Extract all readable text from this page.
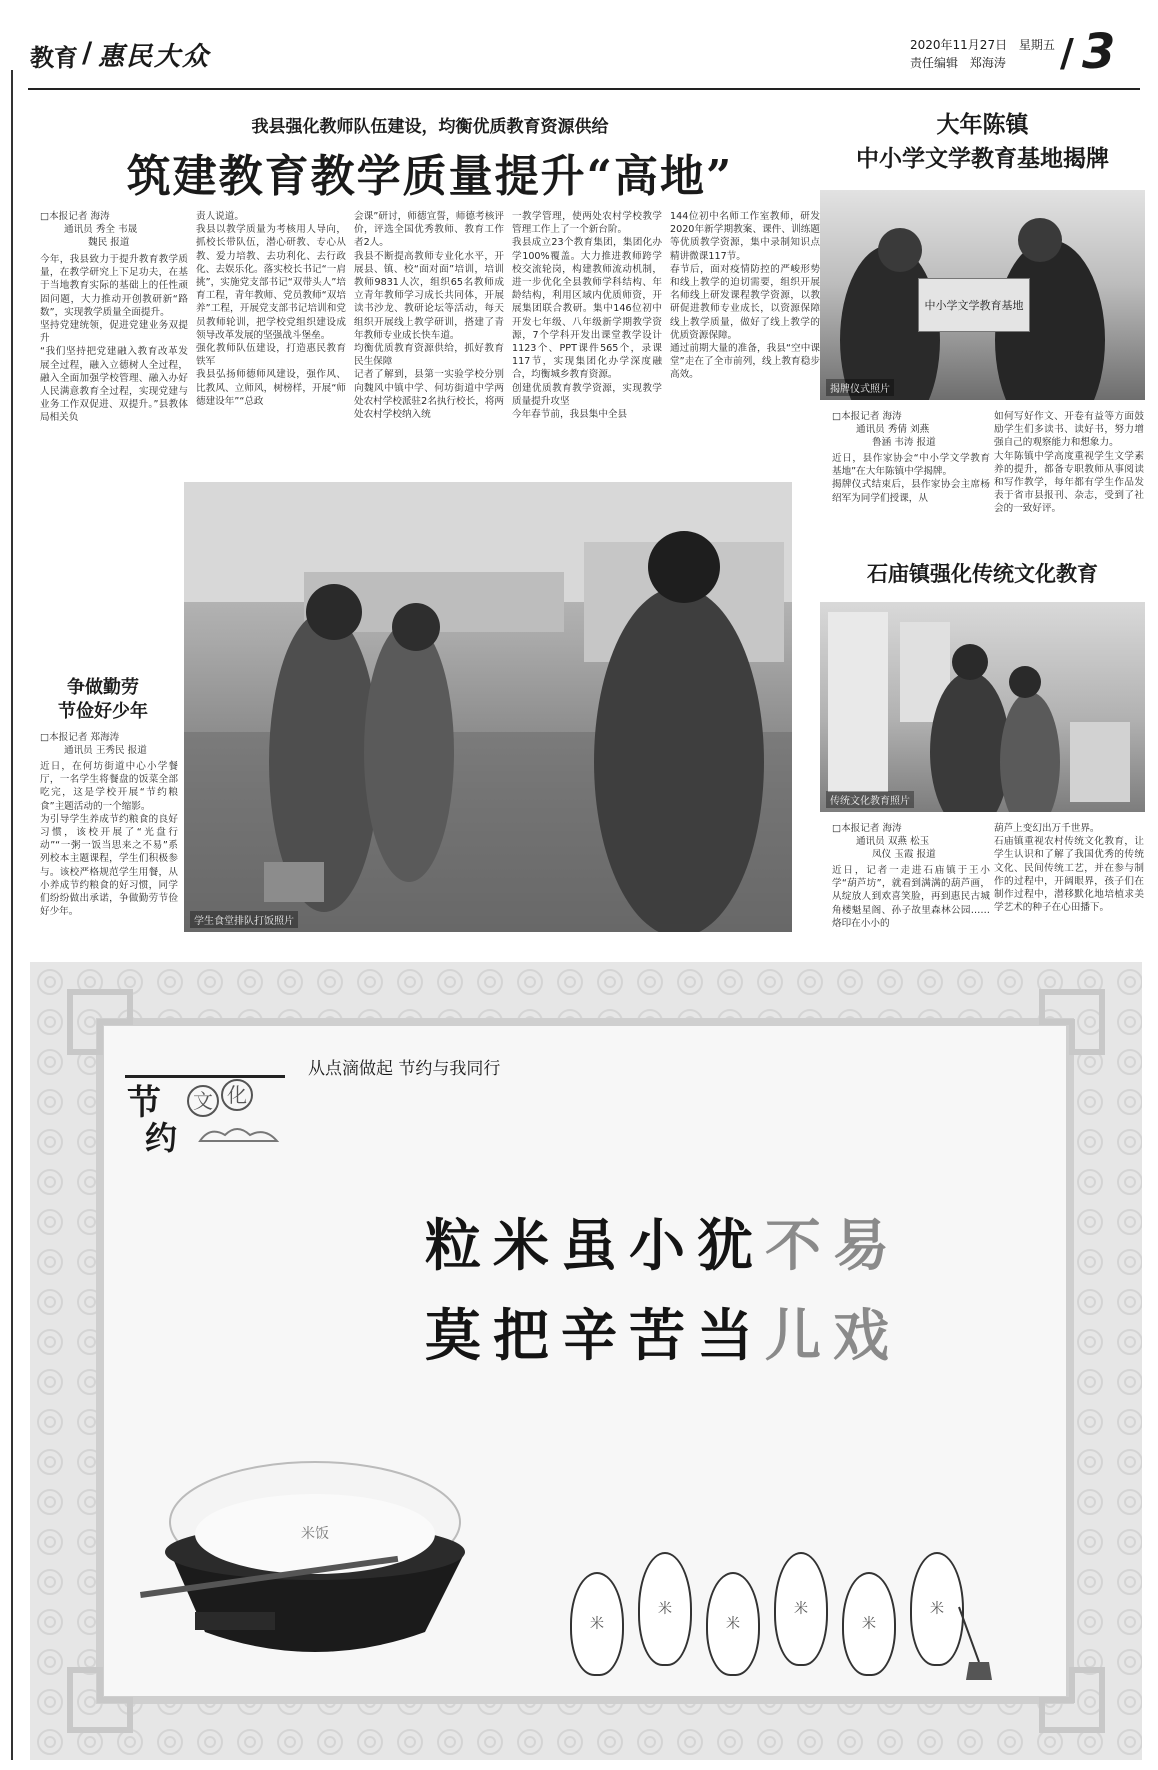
教育 / 惠民大众	2020年11月27日 星期五
责任编辑 郑海涛 / 3
我县强化教师队伍建设，均衡优质教育资源供给
筑建教育教学质量提升“高地”

□本报记者 海涛

通讯员 秀全 韦晟

魏民 报道

今年，我县致力于提升教育教学质量，在教学研究上下足功夫，在基于当地教育实际的基础上的任性顽固问题，大力推动开创教研新“路数”，实现教学质量全面提升。
坚持党建统领，促进党建业务双提升
“我们坚持把党建融入教育改革发展全过程，融入立德树人全过程，融入全面加强学校管理、融入办好人民满意教育全过程，实现党建与业务工作双促进、双提升。”县教体局相关负

责人说道。
我县以教学质量为考核用人导向，抓校长带队伍，潜心研教、专心从教、爱力培教、去功利化、去行政化、去娱乐化。落实校长书记“一肩挑”，实施党支部书记“双带头人”培育工程，青年教师、党员教师“双培养”工程，开展党支部书记培训和党员教师轮训，把学校党组织建设成领导改革发展的坚强战斗堡垒。
强化教师队伍建设，打造惠民教育铁军
我县弘扬师德师风建设，强作风、比教风、立师风，树榜样，开展“师德建设年”“总政

会课”研讨，师德宣誓，师德考核评价，评选全国优秀教师、教育工作者2人。
我县不断提高教师专业化水平，开展县、镇、校“面对面”培训，培训教师9831人次，组织65名教师成立青年教师学习成长共同体，开展读书沙龙、教研论坛等活动，每天组织开展线上教学研训，搭建了青年教师专业成长快车道。
均衡优质教育资源供给，抓好教育民生保障
记者了解到，县第一实验学校分别向魏风中镇中学、何坊街道中学两处农村学校派驻2名执行校长，将两处农村学校纳入统

一教学管理，使两处农村学校教学管理工作上了一个新台阶。
我县成立23个教育集团，集团化办学100%覆盖。大力推进教师跨学校交流轮岗，构建教师流动机制，进一步优化全县教师学科结构、年龄结构，利用区域内优质师资，开展集团联合教研。集中146位初中开发七年级、八年级新学期教学资源，7个学科开发出课堂教学设计1123个、PPT课件565个，录课117节，实现集团化办学深度融合，均衡城乡教育资源。
创建优质教育教学资源，实现教学质量提升攻坚
今年春节前，我县集中全县

144位初中名师工作室教师，研发2020年新学期教案、课件、训练题等优质教学资源，集中录制知识点精讲微课117节。
春节后，面对疫情防控的严峻形势和线上教学的迫切需要，组织开展名师线上研发课程教学资源，以教研促进教师专业成长，以资源保障线上教学质量，做好了线上教学的优质资源保障。
通过前期大量的准备，我县“空中课堂”走在了全市前列，线上教育稳步高效。

学生食堂排队打饭照片
争做勤劳
节俭好少年

□本报记者 郑海涛

通讯员 王秀民 报道

近日，在何坊街道中心小学餐厅，一名学生将餐盘的饭菜全部吃完，这是学校开展“节约粮食”主题活动的一个缩影。
为引导学生养成节约粮食的良好习惯，该校开展了“光盘行动”“一粥一饭当思来之不易”系列校本主题课程，学生们积极参与。该校严格规范学生用餐，从小养成节约粮食的好习惯，同学们纷纷做出承诺，争做勤劳节俭好少年。

大年陈镇
中小学文学教育基地揭牌
中小学文学教育基地
揭牌仪式照片

□本报记者 海涛

通讯员 秀倩 刘燕

鲁涵 韦涛 报道

近日，县作家协会“中小学文学教育基地”在大年陈镇中学揭牌。
揭牌仪式结束后，县作家协会主席杨绍军为同学们授课，从

如何写好作文、开卷有益等方面鼓励学生们多读书、读好书，努力增强自己的观察能力和想象力。
大年陈镇中学高度重视学生文学素养的提升，都备专职教师从事阅读和写作教学，每年都有学生作品发表于省市县报刊、杂志，受到了社会的一致好评。

石庙镇强化传统文化教育
传统文化教育照片

□本报记者 海涛

通讯员 双燕 松玉

凤仪 玉霞 报道

近日，记者一走进石庙镇于王小学“葫芦坊”，就看到满满的葫芦画，从绽放人到欢喜笑脸，再到惠民古城角楼魁星阁、孙子故里森林公园……烙印在小小的

葫芦上变幻出万千世界。
石庙镇重视农村传统文化教育，让学生认识和了解了我国优秀的传统文化、民间传统工艺，并在参与制作的过程中，开阔眼界，孩子们在制作过程中，潜移默化地培植求美学艺术的种子在心田播下。

节
约
文 化
从点滴做起 节约与我同行
粒米虽小犹不易
莫把辛苦当儿戏
米饭
米
米
米
米
米
米
